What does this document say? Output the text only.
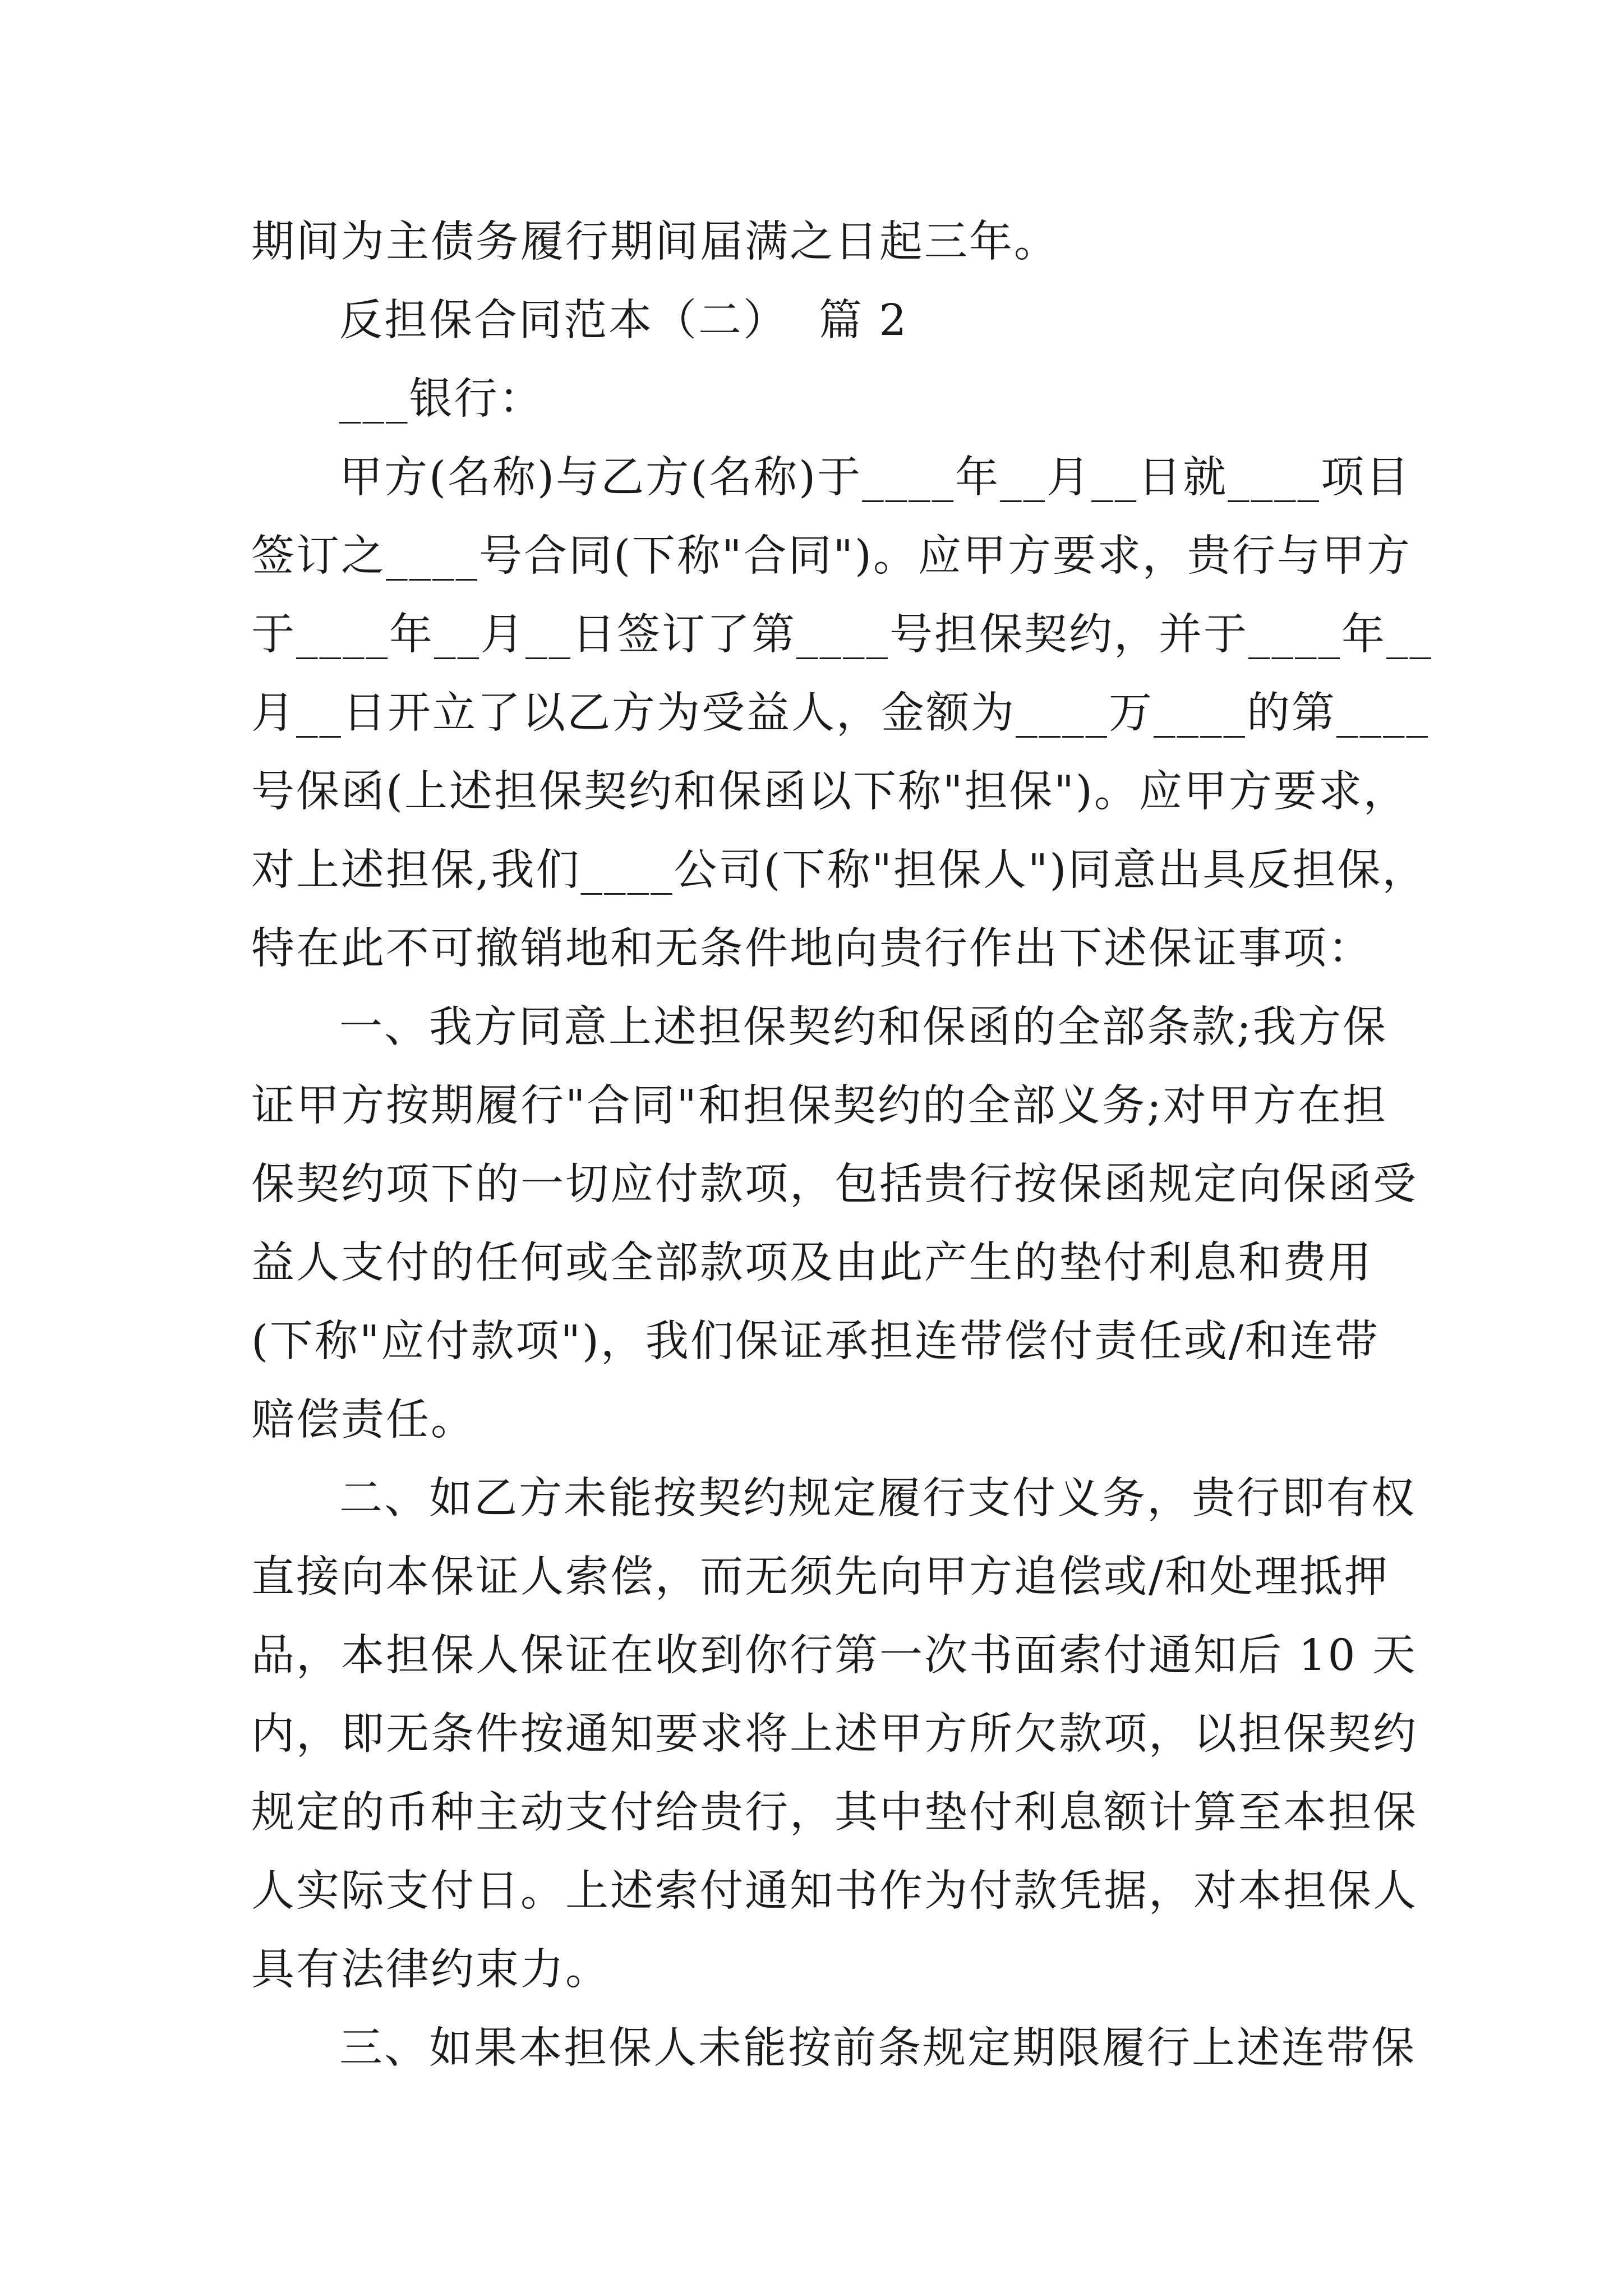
期间为主债务履行期间届满之日起三年。
反担保合同范本（二）  篇 2
___银行：
甲方(名称)与乙方(名称)于____年__月__日就____项目
签订之____号合同(下称"合同")。应甲方要求，贵行与甲方
于____年__月__日签订了第____号担保契约，并于____年__
月__日开立了以乙方为受益人，金额为____万____的第____
号保函(上述担保契约和保函以下称"担保")。应甲方要求，
对上述担保,我们____公司(下称"担保人")同意出具反担保，
特在此不可撤销地和无条件地向贵行作出下述保证事项：
一、我方同意上述担保契约和保函的全部条款;我方保
证甲方按期履行"合同"和担保契约的全部义务;对甲方在担
保契约项下的一切应付款项，包括贵行按保函规定向保函受
益人支付的任何或全部款项及由此产生的垫付利息和费用
(下称"应付款项")，我们保证承担连带偿付责任或/和连带
赔偿责任。
二、如乙方未能按契约规定履行支付义务，贵行即有权
直接向本保证人索偿，而无须先向甲方追偿或/和处理抵押
品，本担保人保证在收到你行第一次书面索付通知后 10 天
内，即无条件按通知要求将上述甲方所欠款项，以担保契约
规定的币种主动支付给贵行，其中垫付利息额计算至本担保
人实际支付日。上述索付通知书作为付款凭据，对本担保人
具有法律约束力。
三、如果本担保人未能按前条规定期限履行上述连带保
